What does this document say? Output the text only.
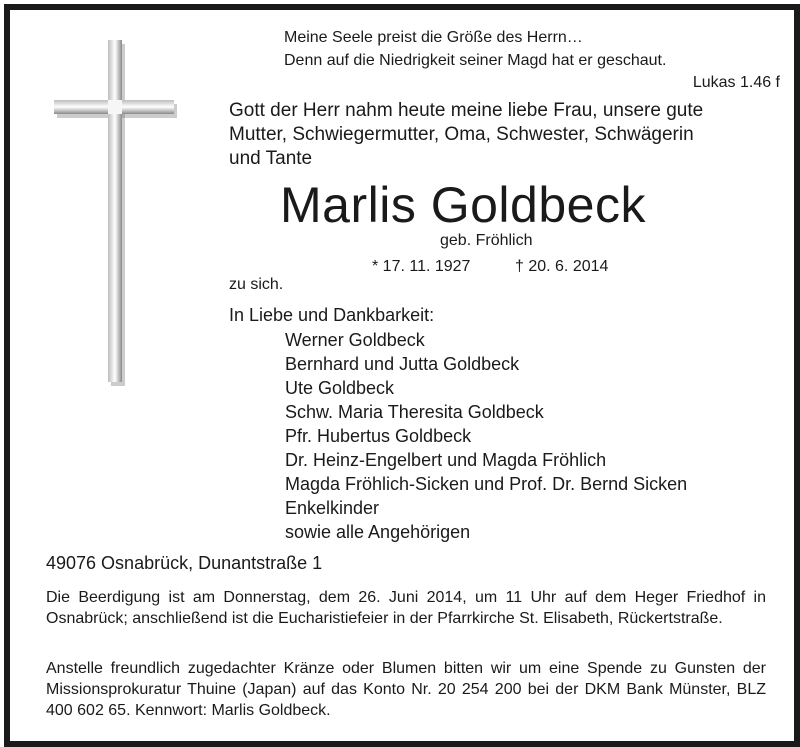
Meine Seele preist die Größe des Herrn…
Denn auf die Niedrigkeit seiner Magd hat er geschaut.
Lukas 1.46 f
Gott der Herr nahm heute meine liebe Frau, unsere gute
Mutter, Schwiegermutter, Oma, Schwester, Schwägerin
und Tante
Marlis Goldbeck
geb. Fröhlich
* 17. 11. 1927	† 20. 6. 2014
zu sich.
In Liebe und Dankbarkeit:
Werner Goldbeck
Bernhard und Jutta Goldbeck
Ute Goldbeck
Schw. Maria Theresita Goldbeck
Pfr. Hubertus Goldbeck
Dr. Heinz-Engelbert und Magda Fröhlich
Magda Fröhlich-Sicken und Prof. Dr. Bernd Sicken
Enkelkinder
sowie alle Angehörigen
49076 Osnabrück, Dunantstraße 1
Die Beerdigung ist am Donnerstag, dem 26. Juni 2014, um 11 Uhr auf dem Heger Friedhof in Osnabrück; anschließend ist die Eucharistiefeier in der Pfarrkirche St. Elisabeth, Rückertstraße.
Anstelle freundlich zugedachter Kränze oder Blumen bitten wir um eine Spende zu Gunsten der Missionsprokuratur Thuine (Japan) auf das Konto Nr. 20 254 200 bei der DKM Bank Münster, BLZ 400 602 65. Kennwort: Marlis Goldbeck.
